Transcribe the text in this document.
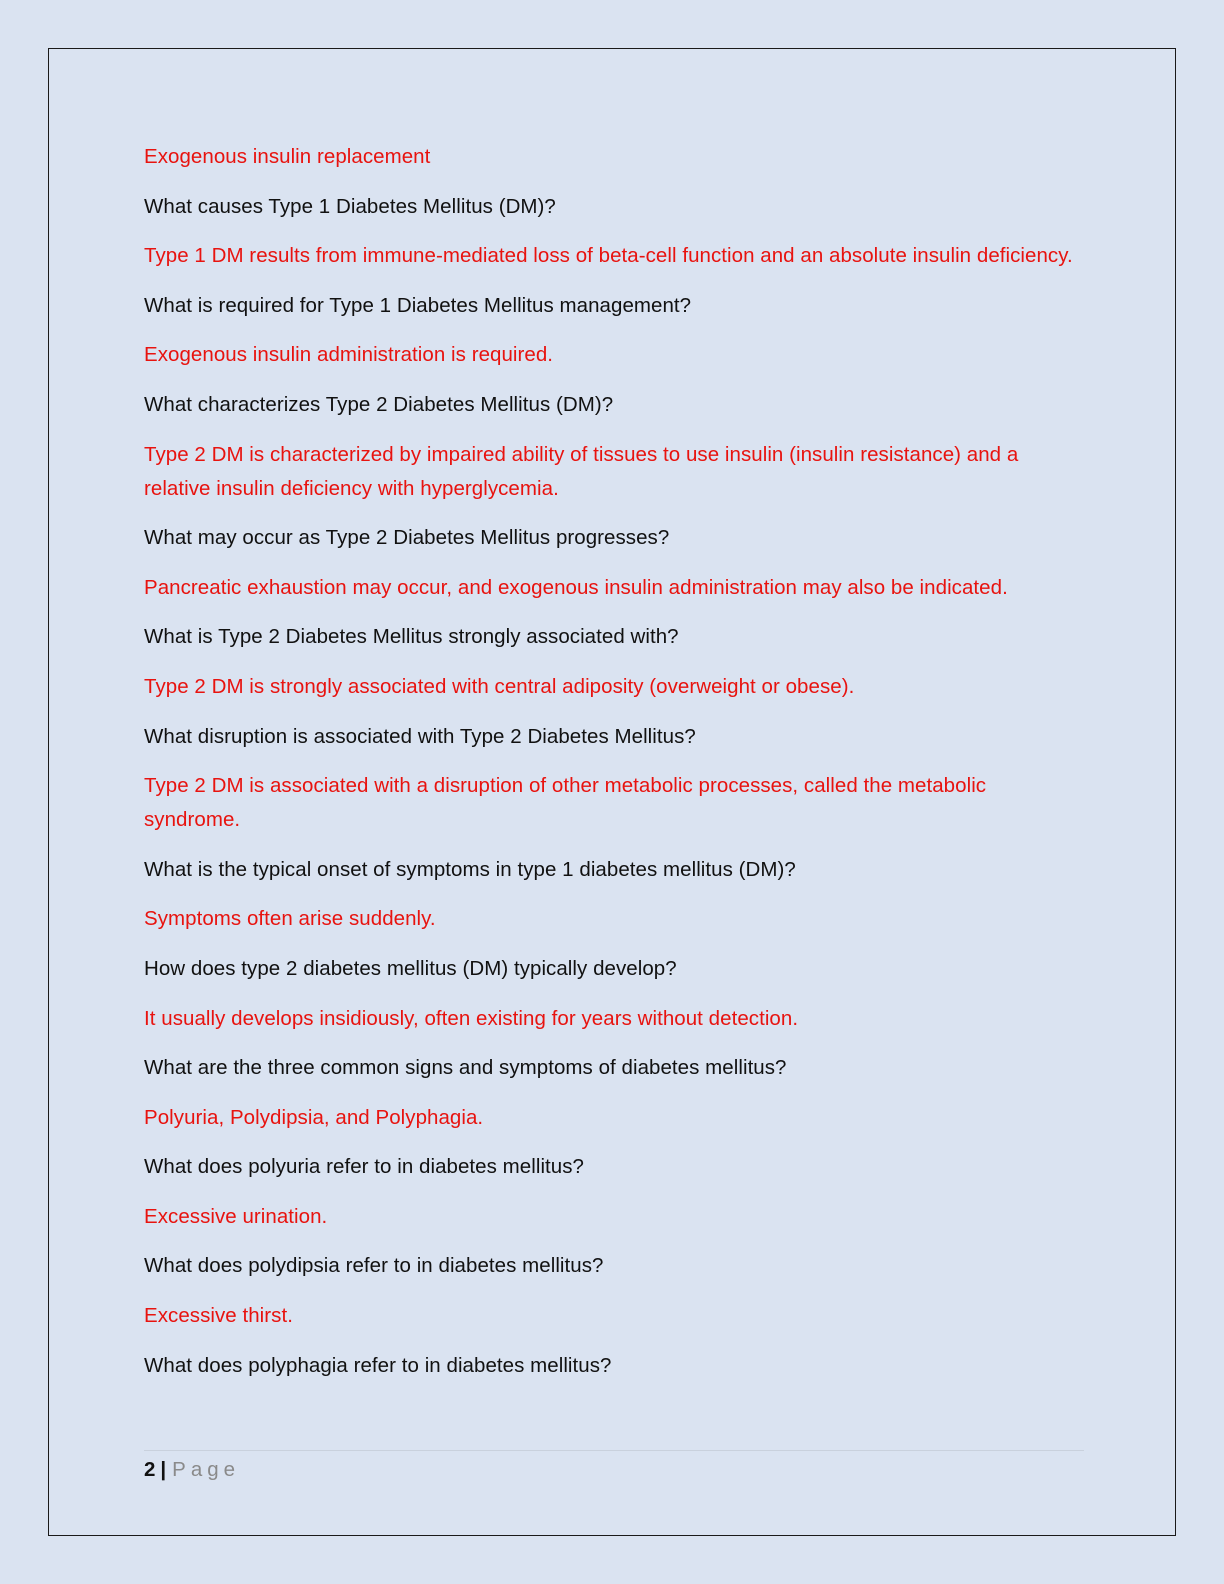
Exogenous insulin replacement

What causes Type 1 Diabetes Mellitus (DM)?

Type 1 DM results from immune-mediated loss of beta-cell function and an absolute insulin deficiency.

What is required for Type 1 Diabetes Mellitus management?

Exogenous insulin administration is required.

What characterizes Type 2 Diabetes Mellitus (DM)?

Type 2 DM is characterized by impaired ability of tissues to use insulin (insulin resistance) and a relative insulin deficiency with hyperglycemia.

What may occur as Type 2 Diabetes Mellitus progresses?

Pancreatic exhaustion may occur, and exogenous insulin administration may also be indicated.

What is Type 2 Diabetes Mellitus strongly associated with?

Type 2 DM is strongly associated with central adiposity (overweight or obese).

What disruption is associated with Type 2 Diabetes Mellitus?

Type 2 DM is associated with a disruption of other metabolic processes, called the metabolic syndrome.

What is the typical onset of symptoms in type 1 diabetes mellitus (DM)?

Symptoms often arise suddenly.

How does type 2 diabetes mellitus (DM) typically develop?

It usually develops insidiously, often existing for years without detection.

What are the three common signs and symptoms of diabetes mellitus?

Polyuria, Polydipsia, and Polyphagia.

What does polyuria refer to in diabetes mellitus?

Excessive urination.

What does polydipsia refer to in diabetes mellitus?

Excessive thirst.

What does polyphagia refer to in diabetes mellitus?

2 | Page
